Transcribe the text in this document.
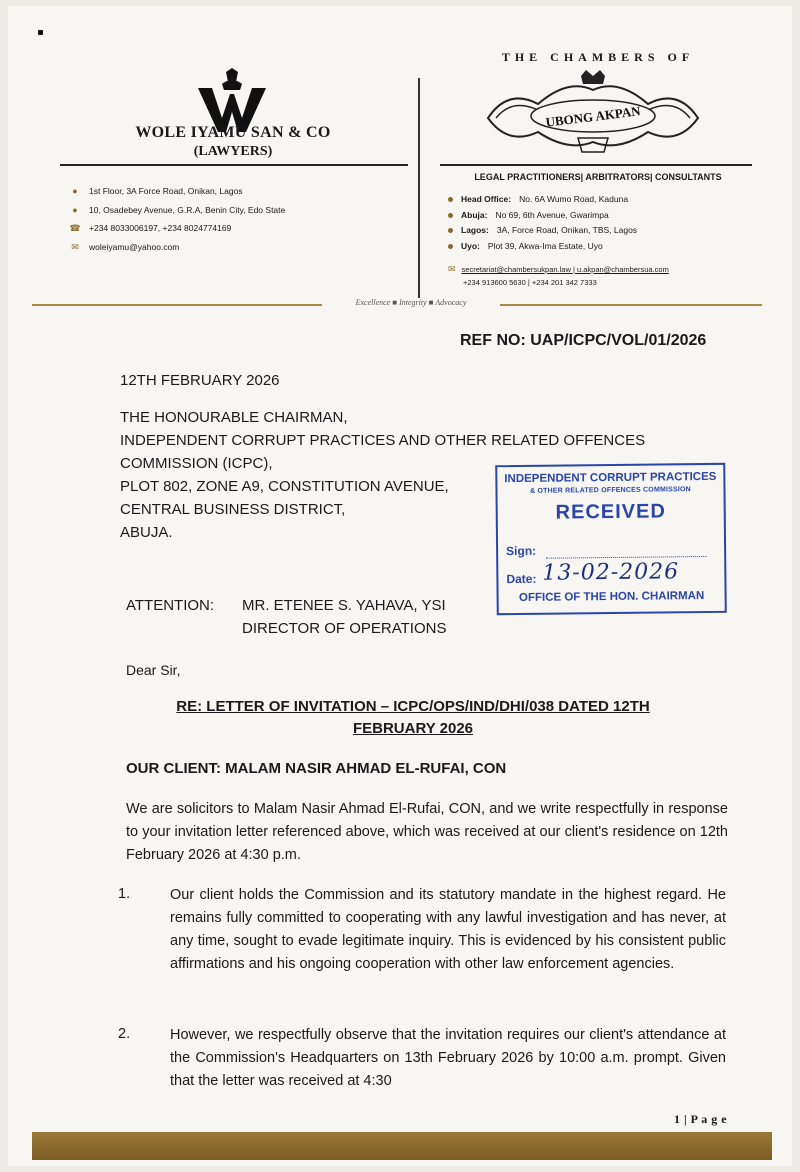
WOLE IYAMU SAN & CO
(LAWYERS)
● 1st Floor, 3A Force Road, Onikan, Lagos
● 10, Osadebey Avenue, G.R.A, Benin City, Edo State
☎ +234 8033006197, +234 8024774169
✉ woleiyamu@yahoo.com
THE CHAMBERS OF
UBONG AKPAN
LEGAL PRACTITIONERS| ARBITRATORS| CONSULTANTS
Head Office: No. 6A Wumo Road, Kaduna
Abuja: No 69, 6th Avenue, Gwarimpa
Lagos: 3A, Force Road, Onikan, TBS, Lagos
Uyo: Plot 39, Akwa-Ima Estate, Uyo
✉ secretariat@chambersukpan.law | u.akpan@chambersua.com
+234 913600 5630 | +234 201 342 7333
Excellence ■ Integrity ■ Advocacy
REF NO: UAP/ICPC/VOL/01/2026
12TH FEBRUARY 2026
THE HONOURABLE CHAIRMAN,
INDEPENDENT CORRUPT PRACTICES AND OTHER RELATED OFFENCES
COMMISSION (ICPC),
PLOT 802, ZONE A9, CONSTITUTION AVENUE,
CENTRAL BUSINESS DISTRICT,
ABUJA.
INDEPENDENT CORRUPT PRACTICES
& OTHER RELATED OFFENCES COMMISSION
RECEIVED
Sign:
Date: 13-02-2026
OFFICE OF THE HON. CHAIRMAN
ATTENTION: MR. ETENEE S. YAHAVA, YSI
DIRECTOR OF OPERATIONS
Dear Sir,
RE: LETTER OF INVITATION – ICPC/OPS/IND/DHI/038 DATED 12TH
FEBRUARY 2026
OUR CLIENT: MALAM NASIR AHMAD EL-RUFAI, CON
We are solicitors to Malam Nasir Ahmad El-Rufai, CON, and we write respectfully in response to your invitation letter referenced above, which was received at our client's residence on 12th February 2026 at 4:30 p.m.
1.	Our client holds the Commission and its statutory mandate in the highest regard. He remains fully committed to cooperating with any lawful investigation and has never, at any time, sought to evade legitimate inquiry. This is evidenced by his consistent public affirmations and his ongoing cooperation with other law enforcement agencies.
2.	However, we respectfully observe that the invitation requires our client's attendance at the Commission's Headquarters on 13th February 2026 by 10:00 a.m. prompt. Given that the letter was received at 4:30
1 | P a g e
